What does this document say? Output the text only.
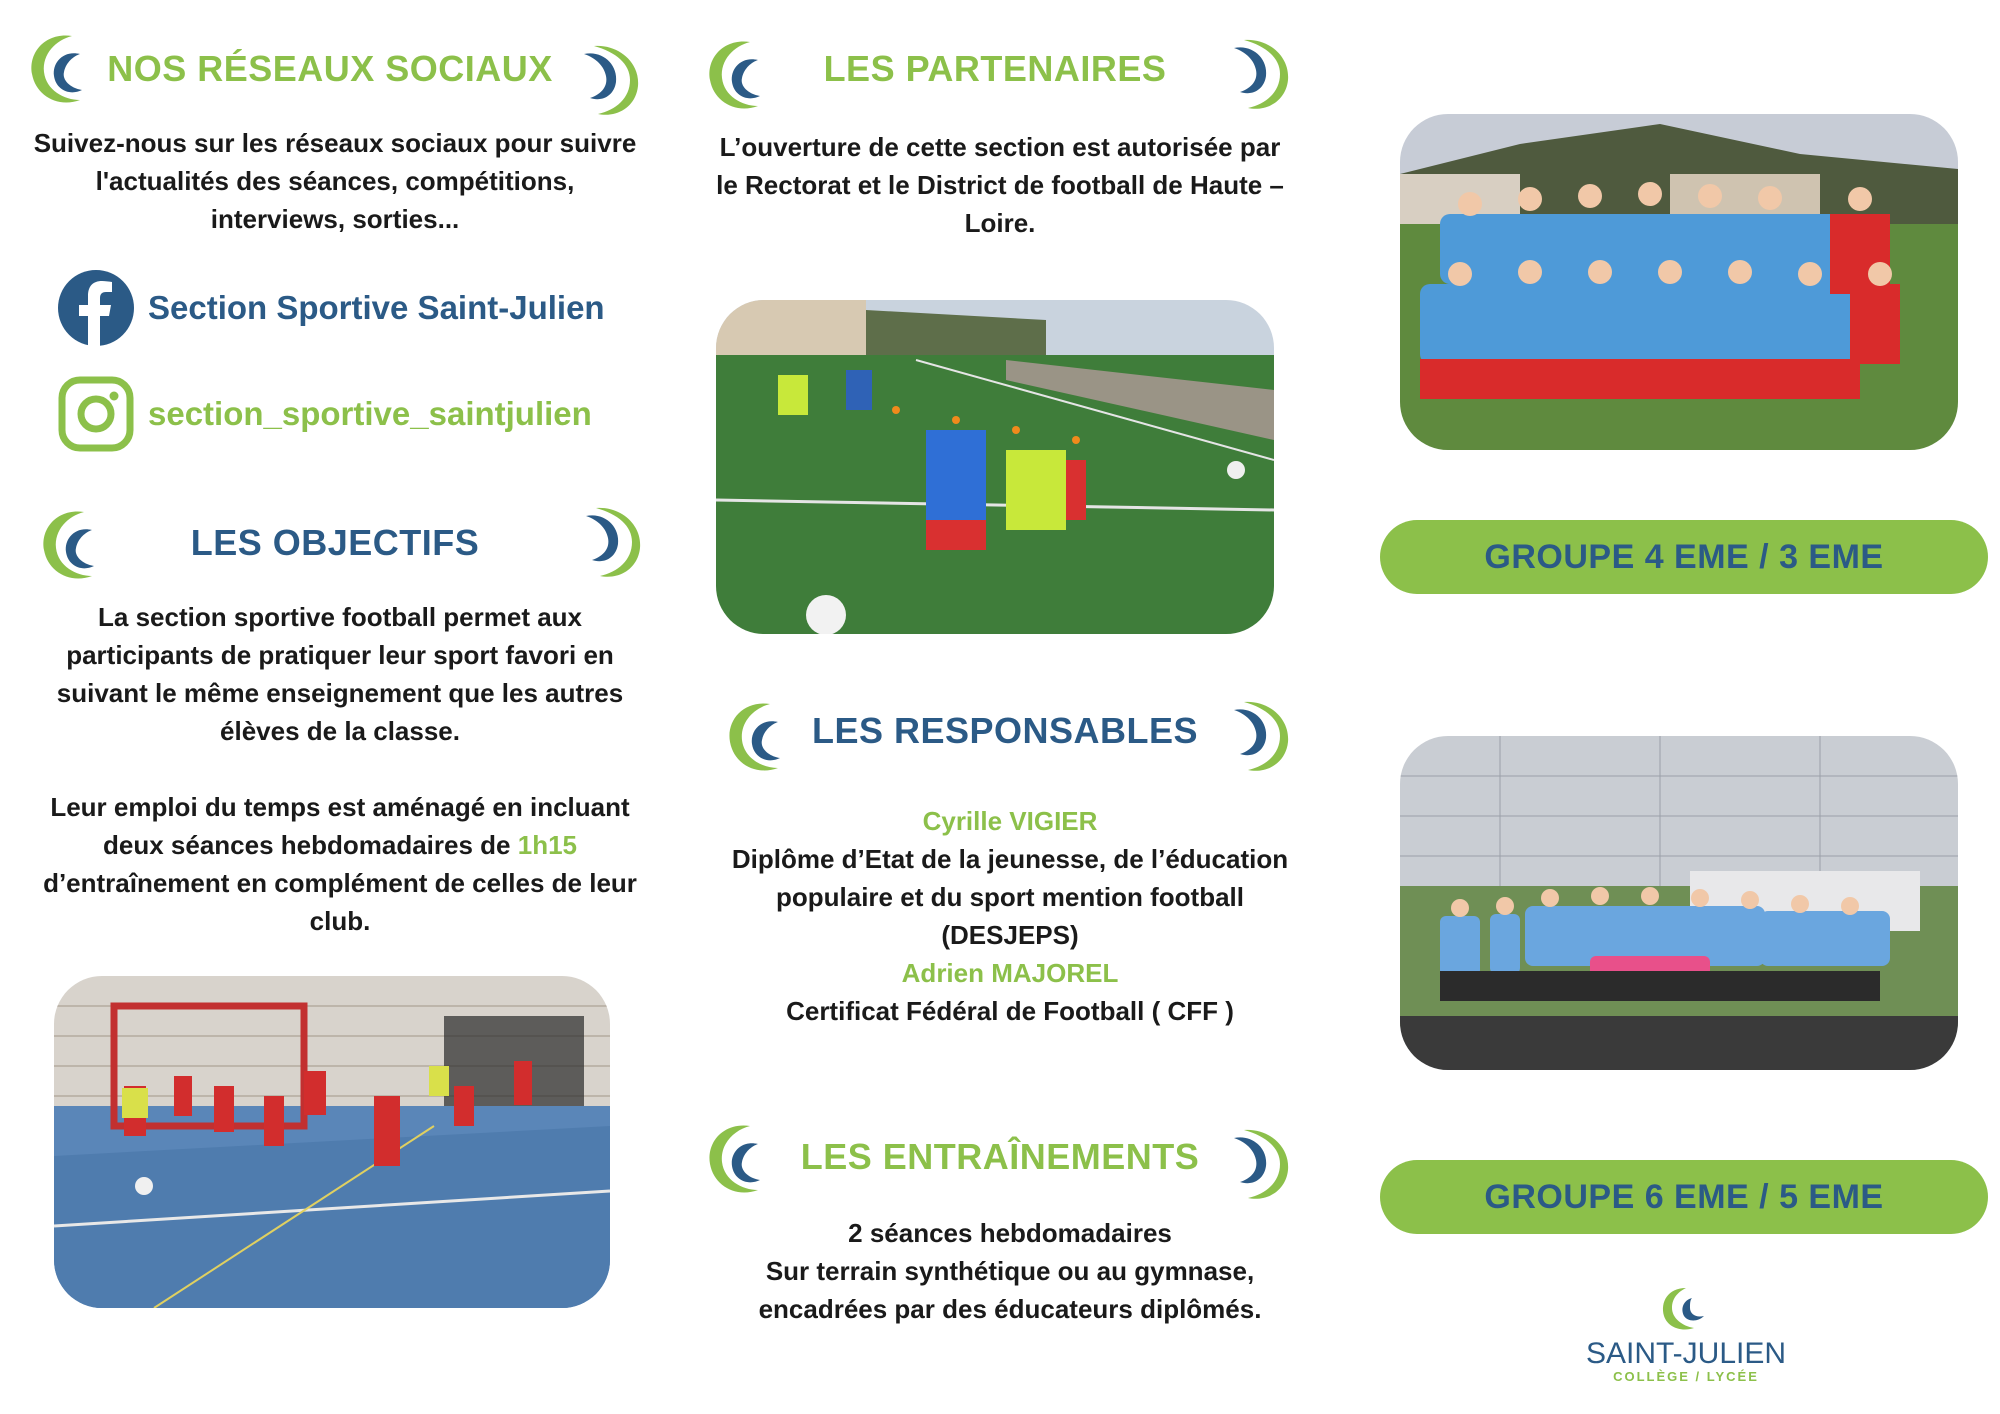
NOS RÉSEAUX SOCIAUX
Suivez-nous sur les réseaux sociaux pour suivre
l'actualités des séances, compétitions,
interviews, sorties...
Section Sportive Saint-Julien
section_sportive_saintjulien
LES OBJECTIFS
La section sportive football permet aux
participants de pratiquer leur sport favori en
suivant le même enseignement que les autres
élèves de la classe.
Leur emploi du temps est aménagé en incluant
deux séances hebdomadaires de 1h15
d’entraînement en complément de celles de leur
club.
LES PARTENAIRES
L’ouverture de cette section est autorisée par
le Rectorat et le District de football de Haute –
Loire.
LES RESPONSABLES
Cyrille VIGIER
Diplôme d’Etat de la jeunesse, de l’éducation
populaire et du sport mention football
(DESJEPS)
Adrien MAJOREL
Certificat Fédéral de Football ( CFF )
LES ENTRAÎNEMENTS
2 séances hebdomadaires
Sur terrain synthétique ou au gymnase,
encadrées par des éducateurs diplômés.
GROUPE 4 EME / 3 EME
GROUPE 6 EME / 5 EME
SAINT-JULIEN
COLLÈGE / LYCÉE
